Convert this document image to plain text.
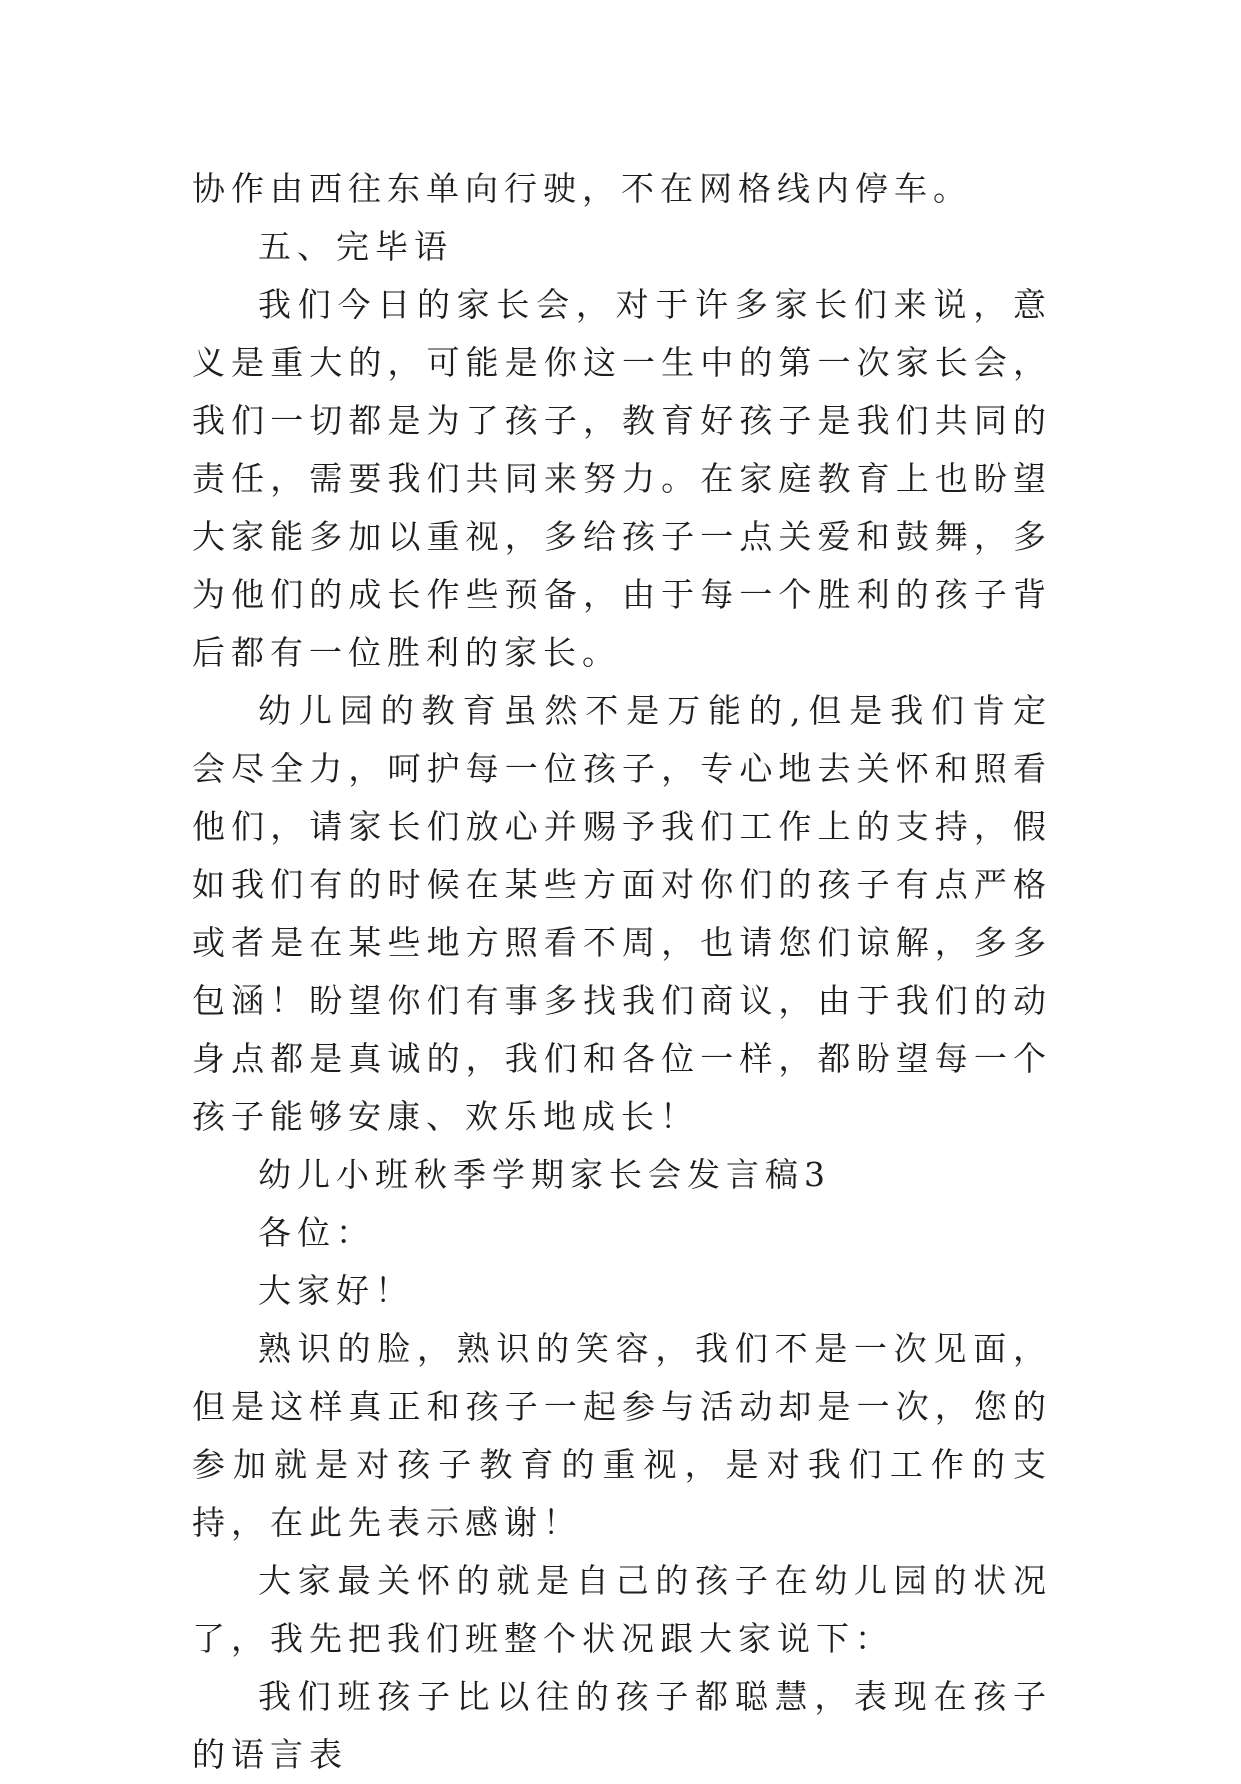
协作由西往东单向行驶，不在网格线内停车。

五、完毕语

我们今日的家长会，对于许多家长们来说，意义是重大的，可能是你这一生中的第一次家长会，我们一切都是为了孩子，教育好孩子是我们共同的责任，需要我们共同来努力。在家庭教育上也盼望大家能多加以重视，多给孩子一点关爱和鼓舞，多为他们的成长作些预备，由于每一个胜利的孩子背后都有一位胜利的家长。

幼儿园的教育虽然不是万能的,但是我们肯定会尽全力，呵护每一位孩子，专心地去关怀和照看他们，请家长们放心并赐予我们工作上的支持，假如我们有的时候在某些方面对你们的孩子有点严格或者是在某些地方照看不周，也请您们谅解，多多包涵！盼望你们有事多找我们商议，由于我们的动身点都是真诚的，我们和各位一样，都盼望每一个孩子能够安康、欢乐地成长！

幼儿小班秋季学期家长会发言稿3

各位：

大家好！

熟识的脸，熟识的笑容，我们不是一次见面，但是这样真正和孩子一起参与活动却是一次，您的参加就是对孩子教育的重视，是对我们工作的支持，在此先表示感谢！

大家最关怀的就是自己的孩子在幼儿园的状况了，我先把我们班整个状况跟大家说下：

我们班孩子比以往的孩子都聪慧，表现在孩子的语言表
